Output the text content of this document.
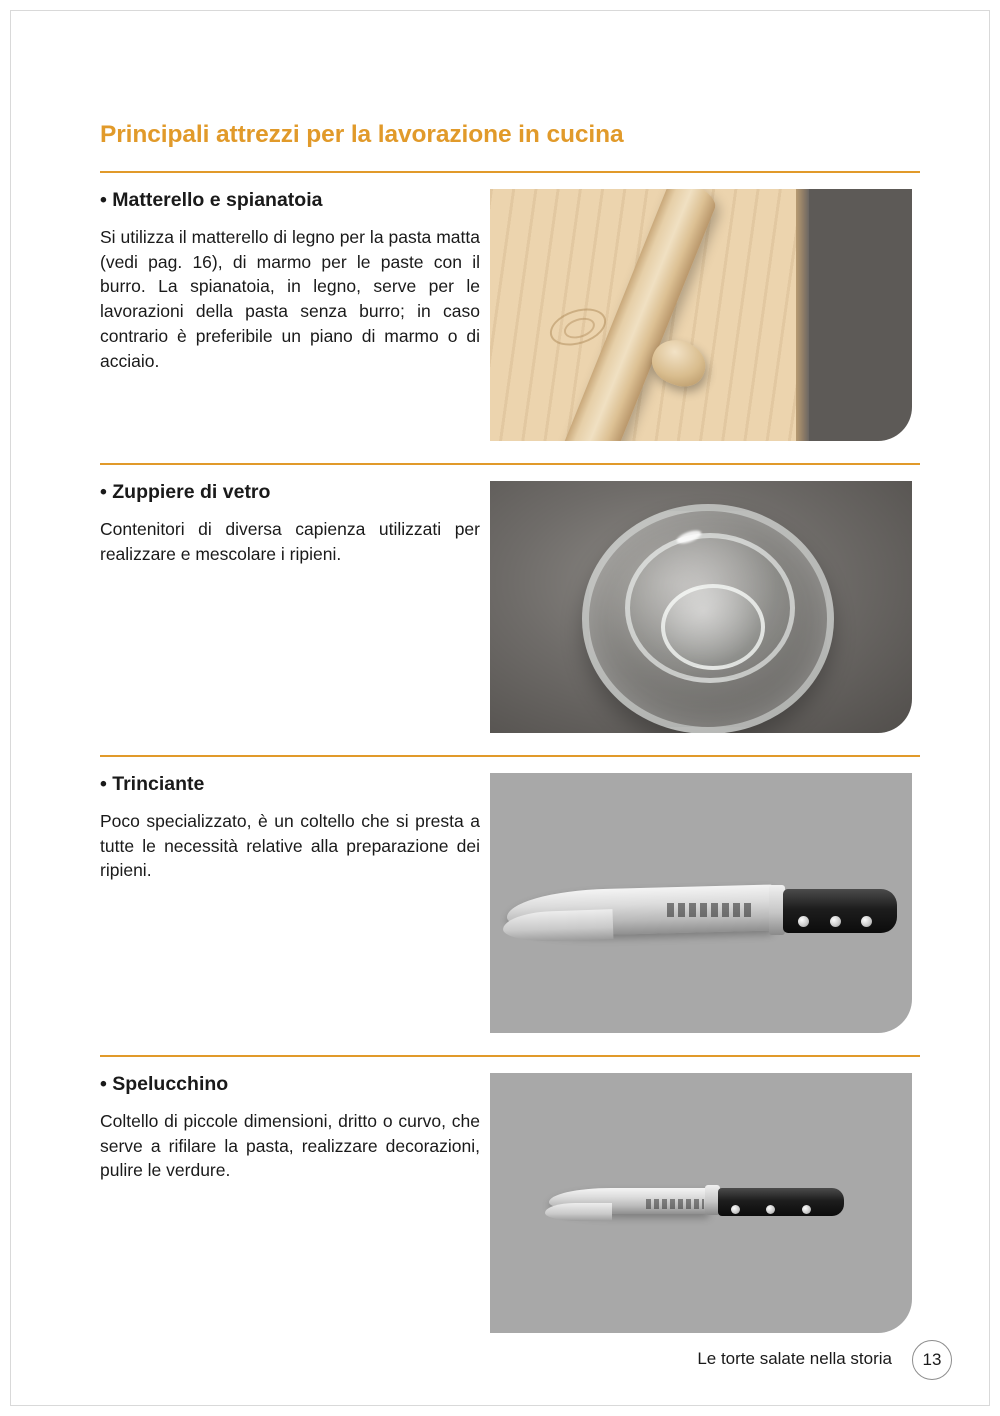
Principali attrezzi per la lavorazione in cucina
• Matterello e spianatoia

Si utilizza il matterello di legno per la pasta matta (vedi pag. 16), di marmo per le paste con il burro. La spianatoia, in legno, serve per le lavorazioni della pasta senza burro; in caso contrario è preferibile un piano di marmo o di acciaio.

• Zuppiere di vetro

Contenitori di diversa capienza utilizzati per realizzare e mescolare i ripieni.

• Trinciante

Poco specializzato, è un coltello che si presta a tutte le necessità relative alla preparazione dei ripieni.

• Spelucchino

Coltello di piccole dimensioni, dritto o curvo, che serve a rifilare la pasta, realizzare decorazioni, pulire le verdure.

Le torte salate nella storia	13
